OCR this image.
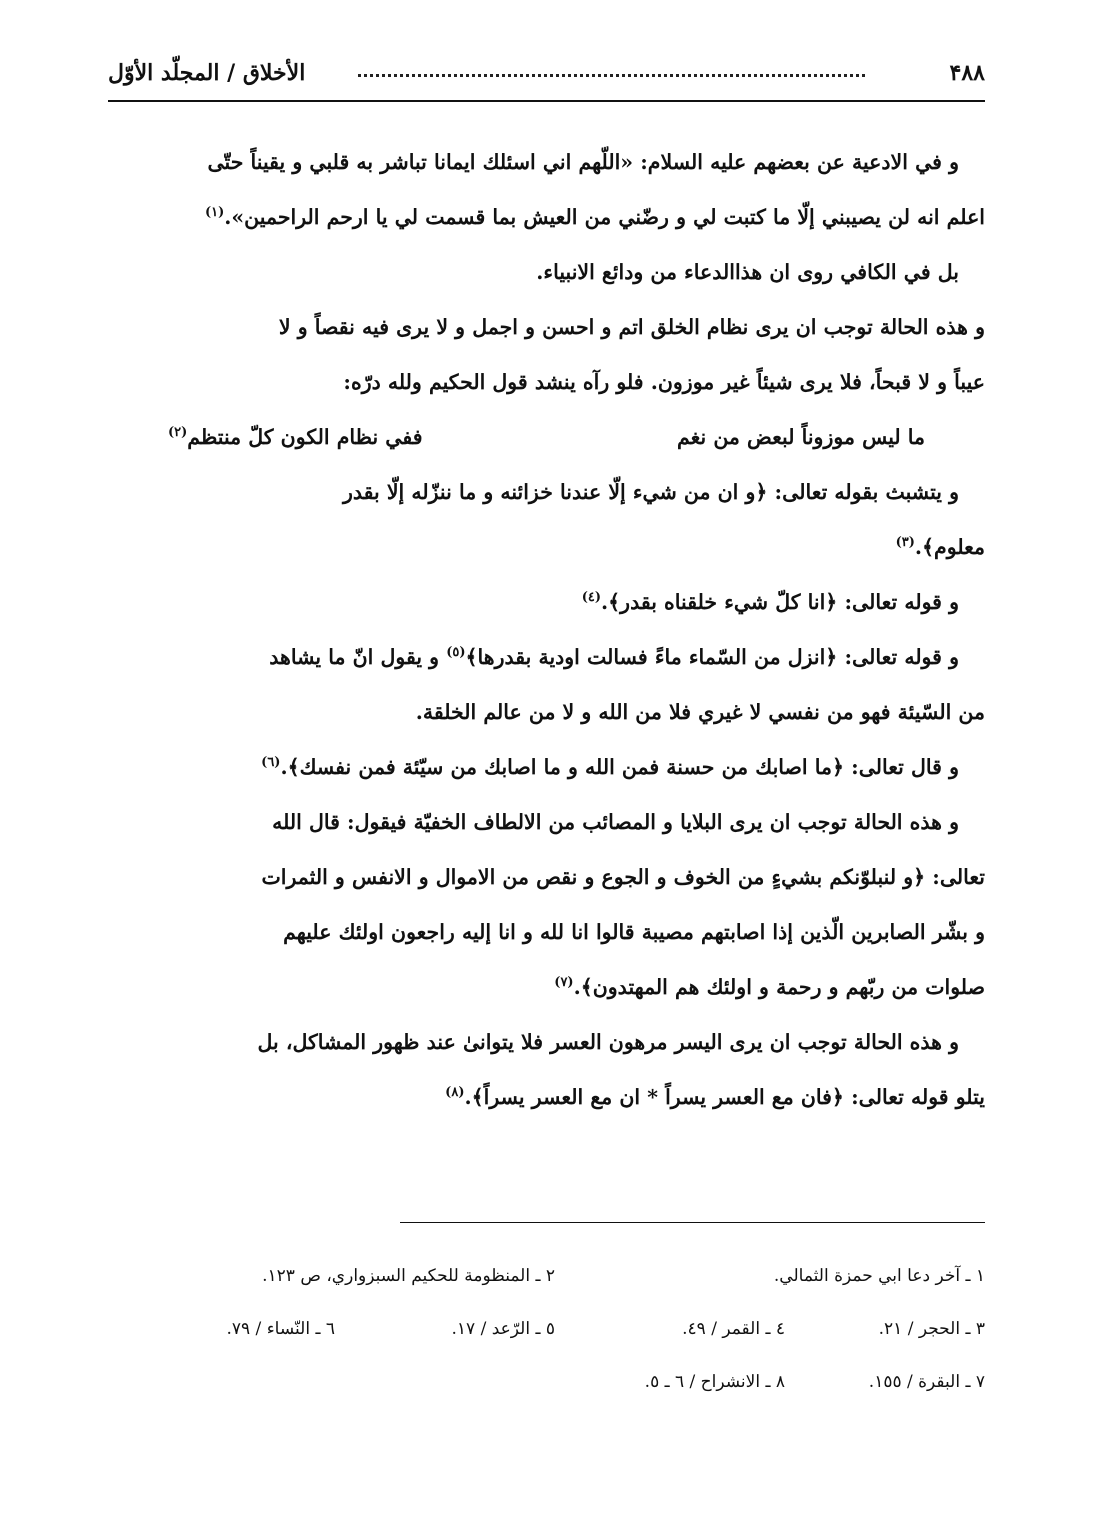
۴۸۸
الأخلاق / المجلّد الأوّل
و في الادعية عن بعضهم عليه السلام: «اللّهم اني اسئلك ايمانا تباشر به قلبي و يقيناً حتّى
اعلم انه لن يصيبني إلّا ما كتبت لي و رضّني من العيش بما قسمت لي يا ارحم الراحمين».$^{(۱)}$
بل في الكافي روى ان هذاالدعاء من ودائع الانبياء.
و هذه الحالة توجب ان يرى نظام الخلق اتم و احسن و اجمل و لا يرى فيه نقصاً و لا
عيباً و لا قبحاً، فلا يرى شيئاً غير موزون. فلو رآه ينشد قول الحكيم ولله درّه:
ما ليس موزوناً لبعض من نغم
ففي نظام الكون كلّ منتظم$^{(۲)}$
و يتشبث بقوله تعالى: ﴿و ان من شيء إلّا عندنا خزائنه و ما ننزّله إلّا بقدر
معلوم﴾.$^{(۳)}$
و قوله تعالى: ﴿انا كلّ شيء خلقناه بقدر﴾.$^{(٤)}$
و قوله تعالى: ﴿انزل من السّماء ماءً فسالت اودية بقدرها﴾$^{(٥)}$ و يقول انّ ما يشاهد
من السّيئة فهو من نفسي لا غيري فلا من الله و لا من عالم الخلقة.
و قال تعالى: ﴿ما اصابك من حسنة فمن الله و ما اصابك من سيّئة فمن نفسك﴾.$^{(٦)}$
و هذه الحالة توجب ان يرى البلايا و المصائب من الالطاف الخفيّة فيقول: قال الله
تعالى: ﴿و لنبلوّنكم بشيءٍ من الخوف و الجوع و نقص من الاموال و الانفس و الثمرات
و بشّر الصابرين الّذين إذا اصابتهم مصيبة قالوا انا لله و انا إليه راجعون اولئك عليهم
صلوات من ربّهم و رحمة و اولئك هم المهتدون﴾.$^{(۷)}$
و هذه الحالة توجب ان يرى اليسر مرهون العسر فلا يتوانىٰ عند ظهور المشاكل، بل
يتلو قوله تعالى: ﴿فان مع العسر يسراً * ان مع العسر يسراً﴾.$^{(۸)}$
١ ـ آخر دعا ابي حمزة الثمالي.
٢ ـ المنظومة للحكيم السبزواري، ص ١٢٣.
٣ ـ الحجر / ٢١.
٤ ـ القمر / ٤٩.
٥ ـ الرّعد / ١٧.
٦ ـ النّساء / ٧٩.
٧ ـ البقرة / ١٥٥.
٨ ـ الانشراح / ٦ ـ ٥.
